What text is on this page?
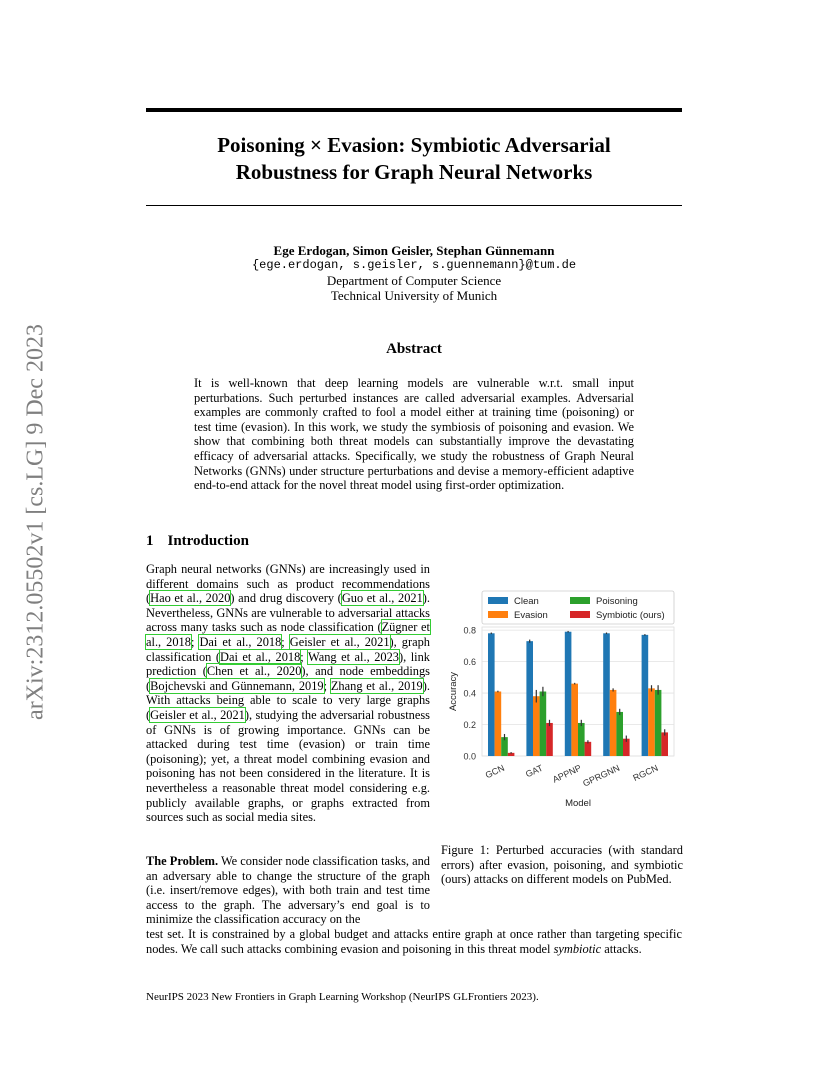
arXiv:2312.05502v1 [cs.LG] 9 Dec 2023
Poisoning × Evasion: Symbiotic Adversarial
Robustness for Graph Neural Networks
Ege Erdogan, Simon Geisler, Stephan Günnemann
{ege.erdogan, s.geisler, s.guennemann}@tum.de
Department of Computer Science
Technical University of Munich
Abstract
It is well-known that deep learning models are vulnerable w.r.t. small input perturbations. Such perturbed instances are called adversarial examples. Adversarial examples are commonly crafted to fool a model either at training time (poisoning) or test time (evasion). In this work, we study the symbiosis of poisoning and evasion. We show that combining both threat models can substantially improve the devastating efficacy of adversarial attacks. Specifically, we study the robustness of Graph Neural Networks (GNNs) under structure perturbations and devise a memory-efficient adaptive end-to-end attack for the novel threat model using first-order optimization.
1 Introduction
Graph neural networks (GNNs) are increasingly used in different domains such as product recommendations (Hao et al., 2020) and drug discovery (Guo et al., 2021). Nevertheless, GNNs are vulnerable to adversarial attacks across many tasks such as node classification (Zügner et al., 2018; Dai et al., 2018; Geisler et al., 2021), graph classification (Dai et al., 2018; Wang et al., 2023), link prediction (Chen et al., 2020), and node embeddings (Bojchevski and Günnemann, 2019; Zhang et al., 2019). With attacks being able to scale to very large graphs (Geisler et al., 2021), studying the adversarial robustness of GNNs is of growing importance. GNNs can be attacked during test time (evasion) or train time (poisoning); yet, a threat model combining evasion and poisoning has not been considered in the literature. It is nevertheless a reasonable threat model considering e.g. publicly available graphs, or graphs extracted from sources such as social media sites.
The Problem. We consider node classification tasks, and an adversary able to change the structure of the graph (i.e. insert/remove edges), with both train and test time access to the graph. The adversary’s end goal is to minimize the classification accuracy on the
test set. It is constrained by a global budget and attacks entire graph at once rather than targeting specific nodes. We call such attacks combining evasion and poisoning in this threat model symbiotic attacks.
0.0
0.2
0.4
0.6
0.8
GCN GAT APPNP
GPRGNN RGCN
Model
Accuracy
Clean
Evasion
Poisoning
Symbiotic (ours)
Figure 1: Perturbed accuracies (with standard errors) after evasion, poisoning, and symbiotic (ours) attacks on different models on PubMed.
NeurIPS 2023 New Frontiers in Graph Learning Workshop (NeurIPS GLFrontiers 2023).
